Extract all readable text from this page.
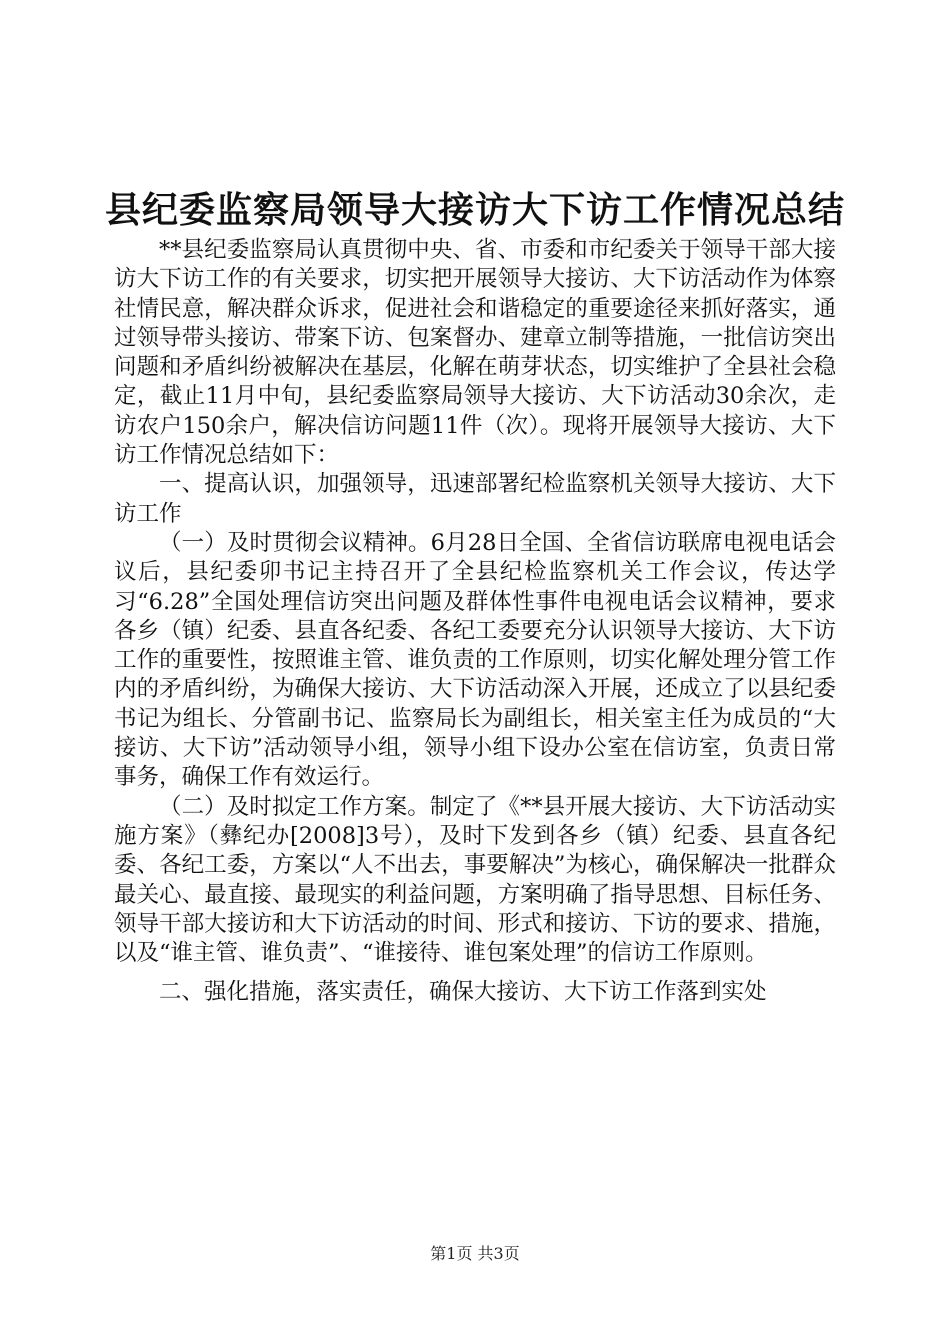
县纪委监察局领导大接访大下访工作情况总结

**县纪委监察局认真贯彻中央、省、市委和市纪委关于领导干部大接访大下访工作的有关要求，切实把开展领导大接访、大下访活动作为体察社情民意，解决群众诉求，促进社会和谐稳定的重要途径来抓好落实，通过领导带头接访、带案下访、包案督办、建章立制等措施，一批信访突出问题和矛盾纠纷被解决在基层，化解在萌芽状态，切实维护了全县社会稳定，截止11月中旬，县纪委监察局领导大接访、大下访活动30余次，走访农户150余户，解决信访问题11件（次）。现将开展领导大接访、大下访工作情况总结如下：

一、提高认识，加强领导，迅速部署纪检监察机关领导大接访、大下访工作

（一）及时贯彻会议精神。6月28日全国、全省信访联席电视电话会议后，县纪委卯书记主持召开了全县纪检监察机关工作会议，传达学习“6.28”全国处理信访突出问题及群体性事件电视电话会议精神，要求各乡（镇）纪委、县直各纪委、各纪工委要充分认识领导大接访、大下访工作的重要性，按照谁主管、谁负责的工作原则，切实化解处理分管工作内的矛盾纠纷，为确保大接访、大下访活动深入开展，还成立了以县纪委书记为组长、分管副书记、监察局长为副组长，相关室主任为成员的“大接访、大下访”活动领导小组，领导小组下设办公室在信访室，负责日常事务，确保工作有效运行。

（二）及时拟定工作方案。制定了《**县开展大接访、大下访活动实施方案》（彝纪办[2008]3号），及时下发到各乡（镇）纪委、县直各纪委、各纪工委，方案以“人不出去，事要解决”为核心，确保解决一批群众最关心、最直接、最现实的利益问题，方案明确了指导思想、目标任务、领导干部大接访和大下访活动的时间、形式和接访、下访的要求、措施，以及“谁主管、谁负责”、“谁接待、谁包案处理”的信访工作原则。

二、强化措施，落实责任，确保大接访、大下访工作落到实处

第1页 共3页
